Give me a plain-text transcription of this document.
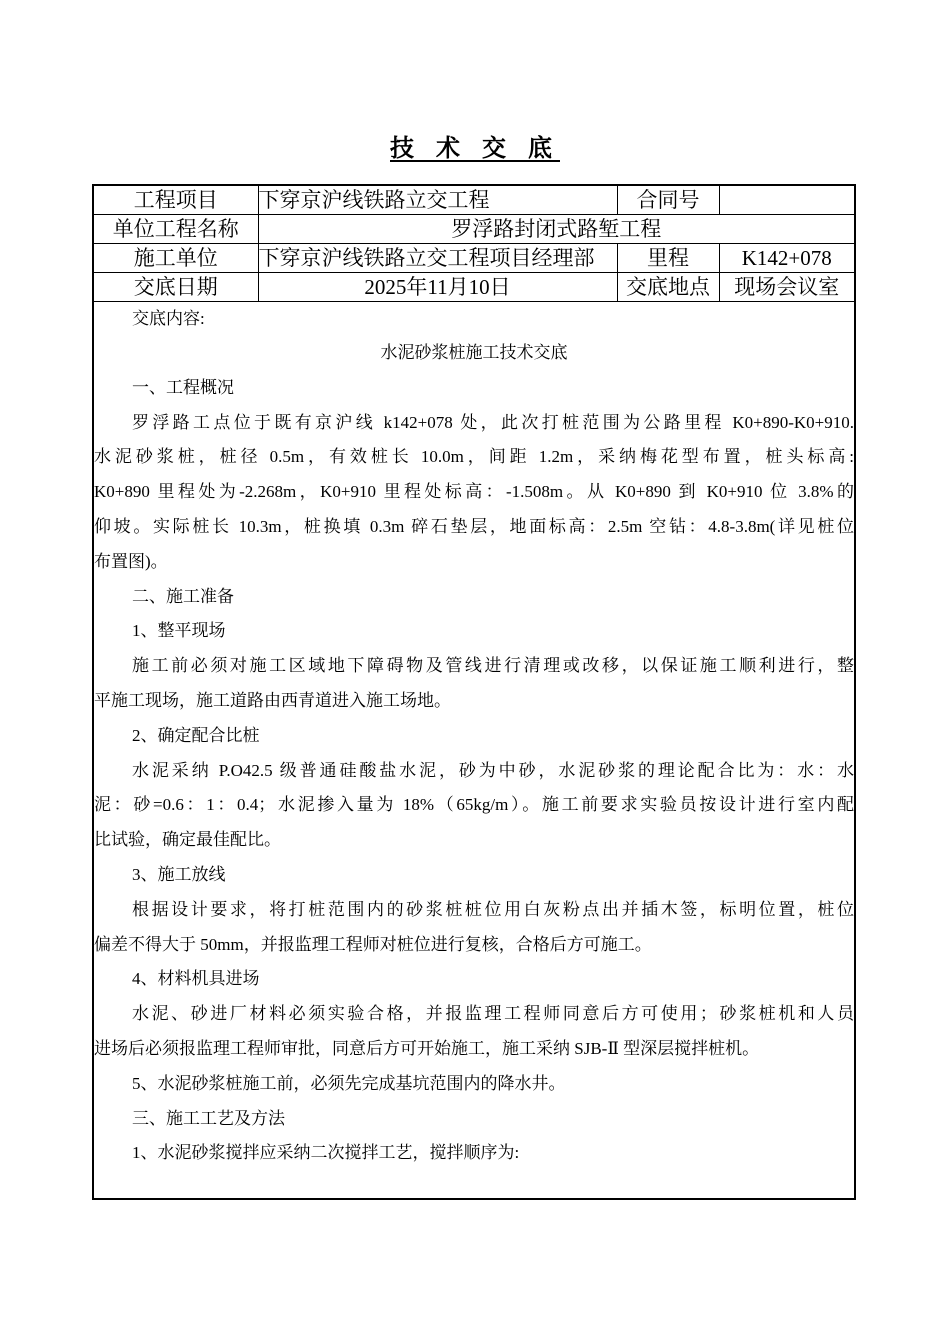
技 术 交 底
工程项目	下穿京沪线铁路立交工程	合同号	
单位工程名称	罗浮路封闭式路堑工程		
施工单位	下穿京沪线铁路立交工程项目经理部	里程	K142+078
交底日期	2025年11月10日	交底地点	现场会议室
交底内容:
水泥砂浆桩施工技术交底
一、工程概况
罗浮路工点位于既有京沪线 k142+078 处，此次打桩范围为公路里程 K0+890-K0+910.
水泥砂浆桩，桩径 0.5m，有效桩长 10.0m，间距 1.2m，采纳梅花型布置，桩头标高:
K0+890 里程处为-2.268m，K0+910 里程处标高：-1.508m。从 K0+890 到 K0+910 位 3.8%的
仰坡。实际桩长 10.3m，桩换填 0.3m 碎石垫层，地面标高：2.5m 空钻：4.8-3.8m(详见桩位
布置图)。
二、施工准备
1、整平现场
施工前必须对施工区域地下障碍物及管线进行清理或改移，以保证施工顺利进行，整
平施工现场，施工道路由西青道进入施工场地。
2、确定配合比桩
水泥采纳 P.O42.5 级普通硅酸盐水泥，砂为中砂，水泥砂浆的理论配合比为：水：水
泥：砂=0.6：1：0.4；水泥掺入量为 18%（65kg/m）。施工前要求实验员按设计进行室内配
比试验，确定最佳配比。
3、施工放线
根据设计要求，将打桩范围内的砂浆桩桩位用白灰粉点出并插木签，标明位置，桩位
偏差不得大于 50mm，并报监理工程师对桩位进行复核，合格后方可施工。
4、材料机具进场
水泥、砂进厂材料必须实验合格，并报监理工程师同意后方可使用；砂浆桩机和人员
进场后必须报监理工程师审批，同意后方可开始施工，施工采纳 SJB-Ⅱ 型深层搅拌桩机。
5、水泥砂浆桩施工前，必须先完成基坑范围内的降水井。
三、施工工艺及方法
1、水泥砂浆搅拌应采纳二次搅拌工艺，搅拌顺序为:
